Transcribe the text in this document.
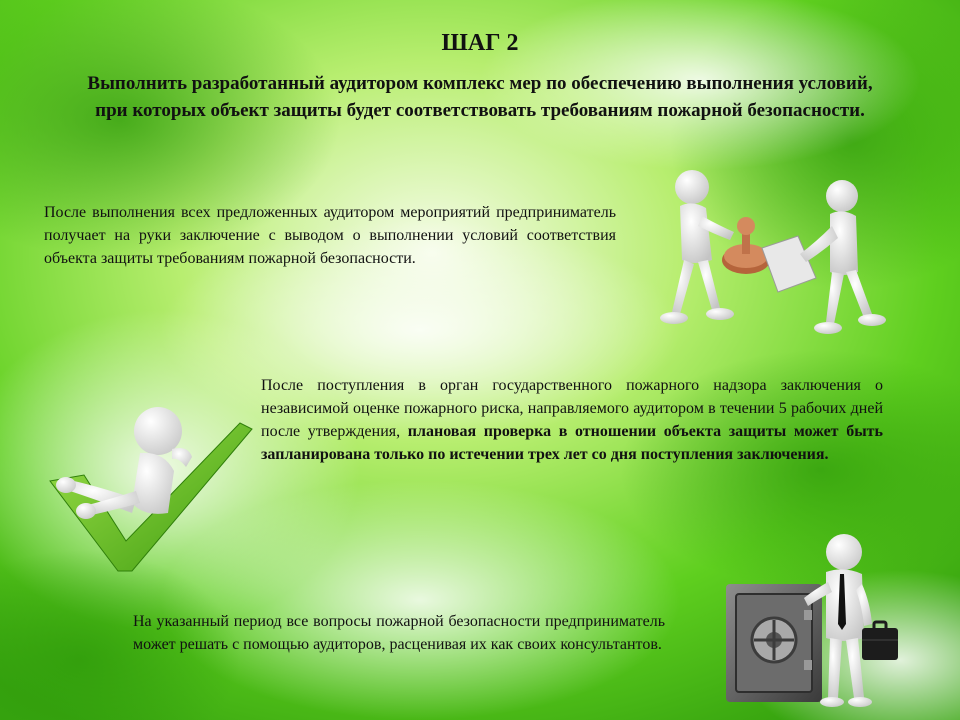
ШАГ 2
Выполнить разработанный аудитором комплекс мер по обеспечению выполнения условий, при которых объект защиты будет соответствовать требованиям пожарной безопасности.
После выполнения всех предложенных аудитором мероприятий предприниматель получает на руки заключение с выводом о выполнении условий соответствия объекта защиты требованиям пожарной безопасности.
После поступления в орган государственного пожарного надзора заключения о независимой оценке пожарного риска, направляемого аудитором в течении 5 рабочих дней после утверждения, плановая проверка в отношении объекта защиты может быть запланирована только по истечении трех лет со дня поступления заключения.
На указанный период все вопросы пожарной безопасности предприниматель может решать с помощью аудиторов, расценивая их как своих консультантов.
